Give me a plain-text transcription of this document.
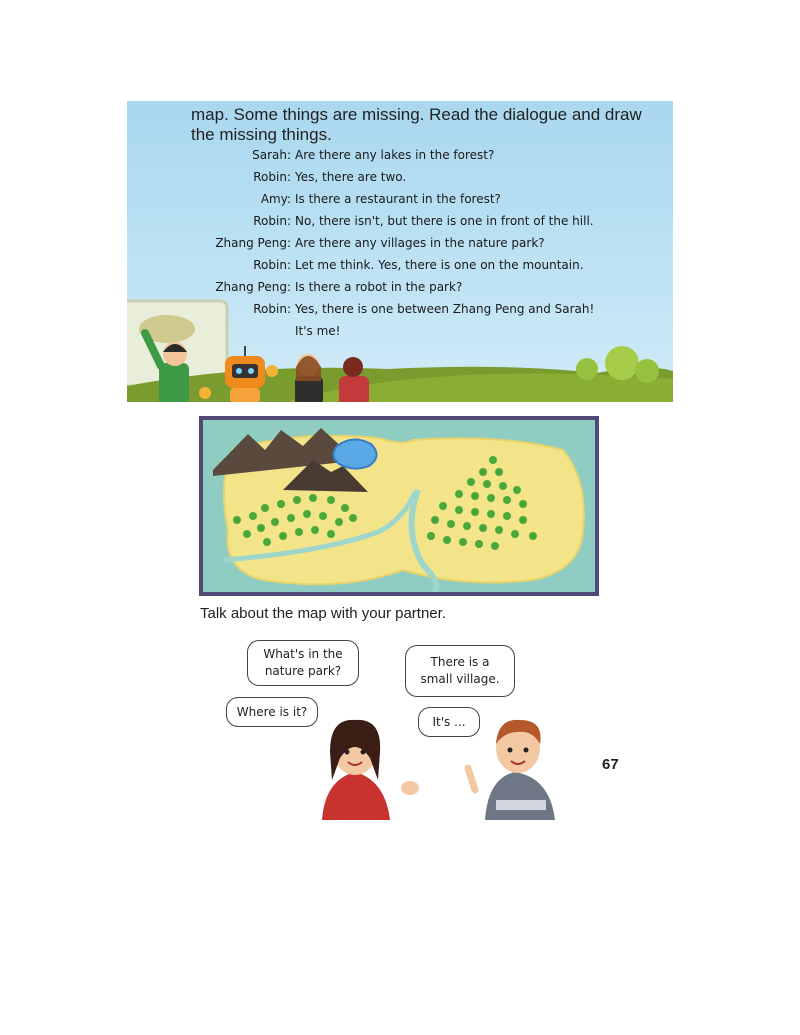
map. Some things are missing. Read the dialogue and draw the missing things.

Sarah: Are there any lakes in the forest?
Robin: Yes, there are two.
Amy: Is there a restaurant in the forest?
Robin: No, there isn't, but there is one in front of the hill.
Zhang Peng: Are there any villages in the nature park?
Robin: Let me think. Yes, there is one on the mountain.
Zhang Peng: Is there a robot in the park?
Robin: Yes, there is one between Zhang Peng and Sarah!
It's me!

Talk about the map with your partner.

What's in the nature park?
There is a small village.
Where is it?
It's ...
67
